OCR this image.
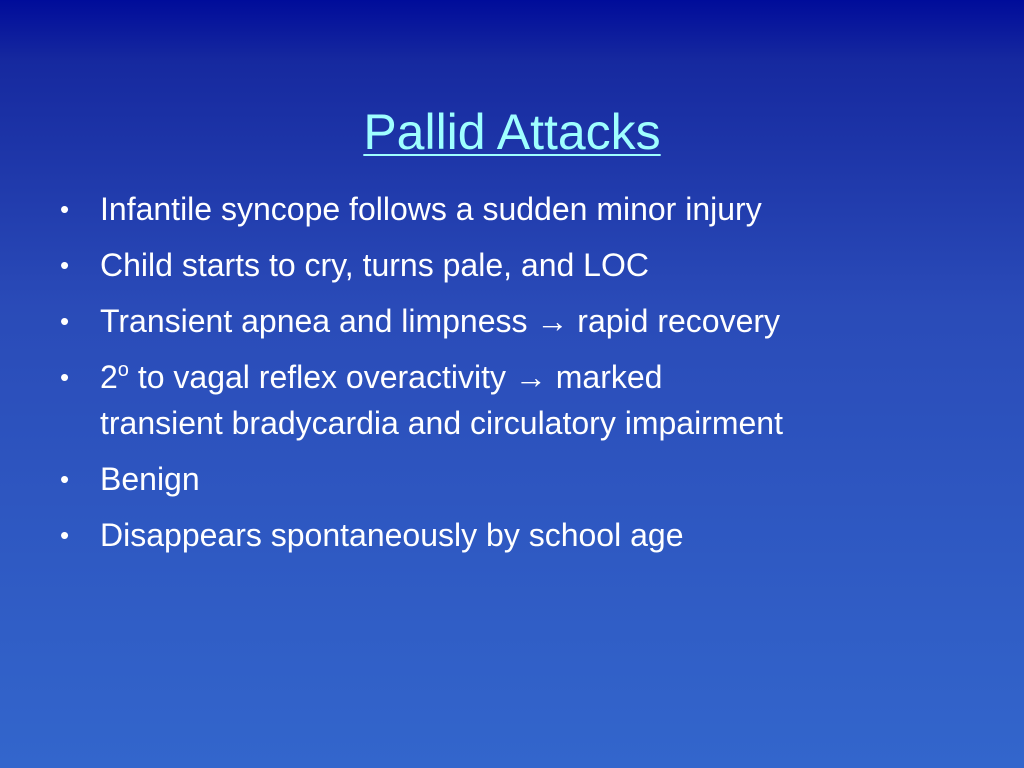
Pallid Attacks
• Infantile syncope follows a sudden minor injury
• Child starts to cry, turns pale, and LOC
• Transient apnea and limpness → rapid recovery
• 2$^o$ to vagal reflex overactivity → marked
transient bradycardia and circulatory impairment
• Benign
• Disappears spontaneously by school age
